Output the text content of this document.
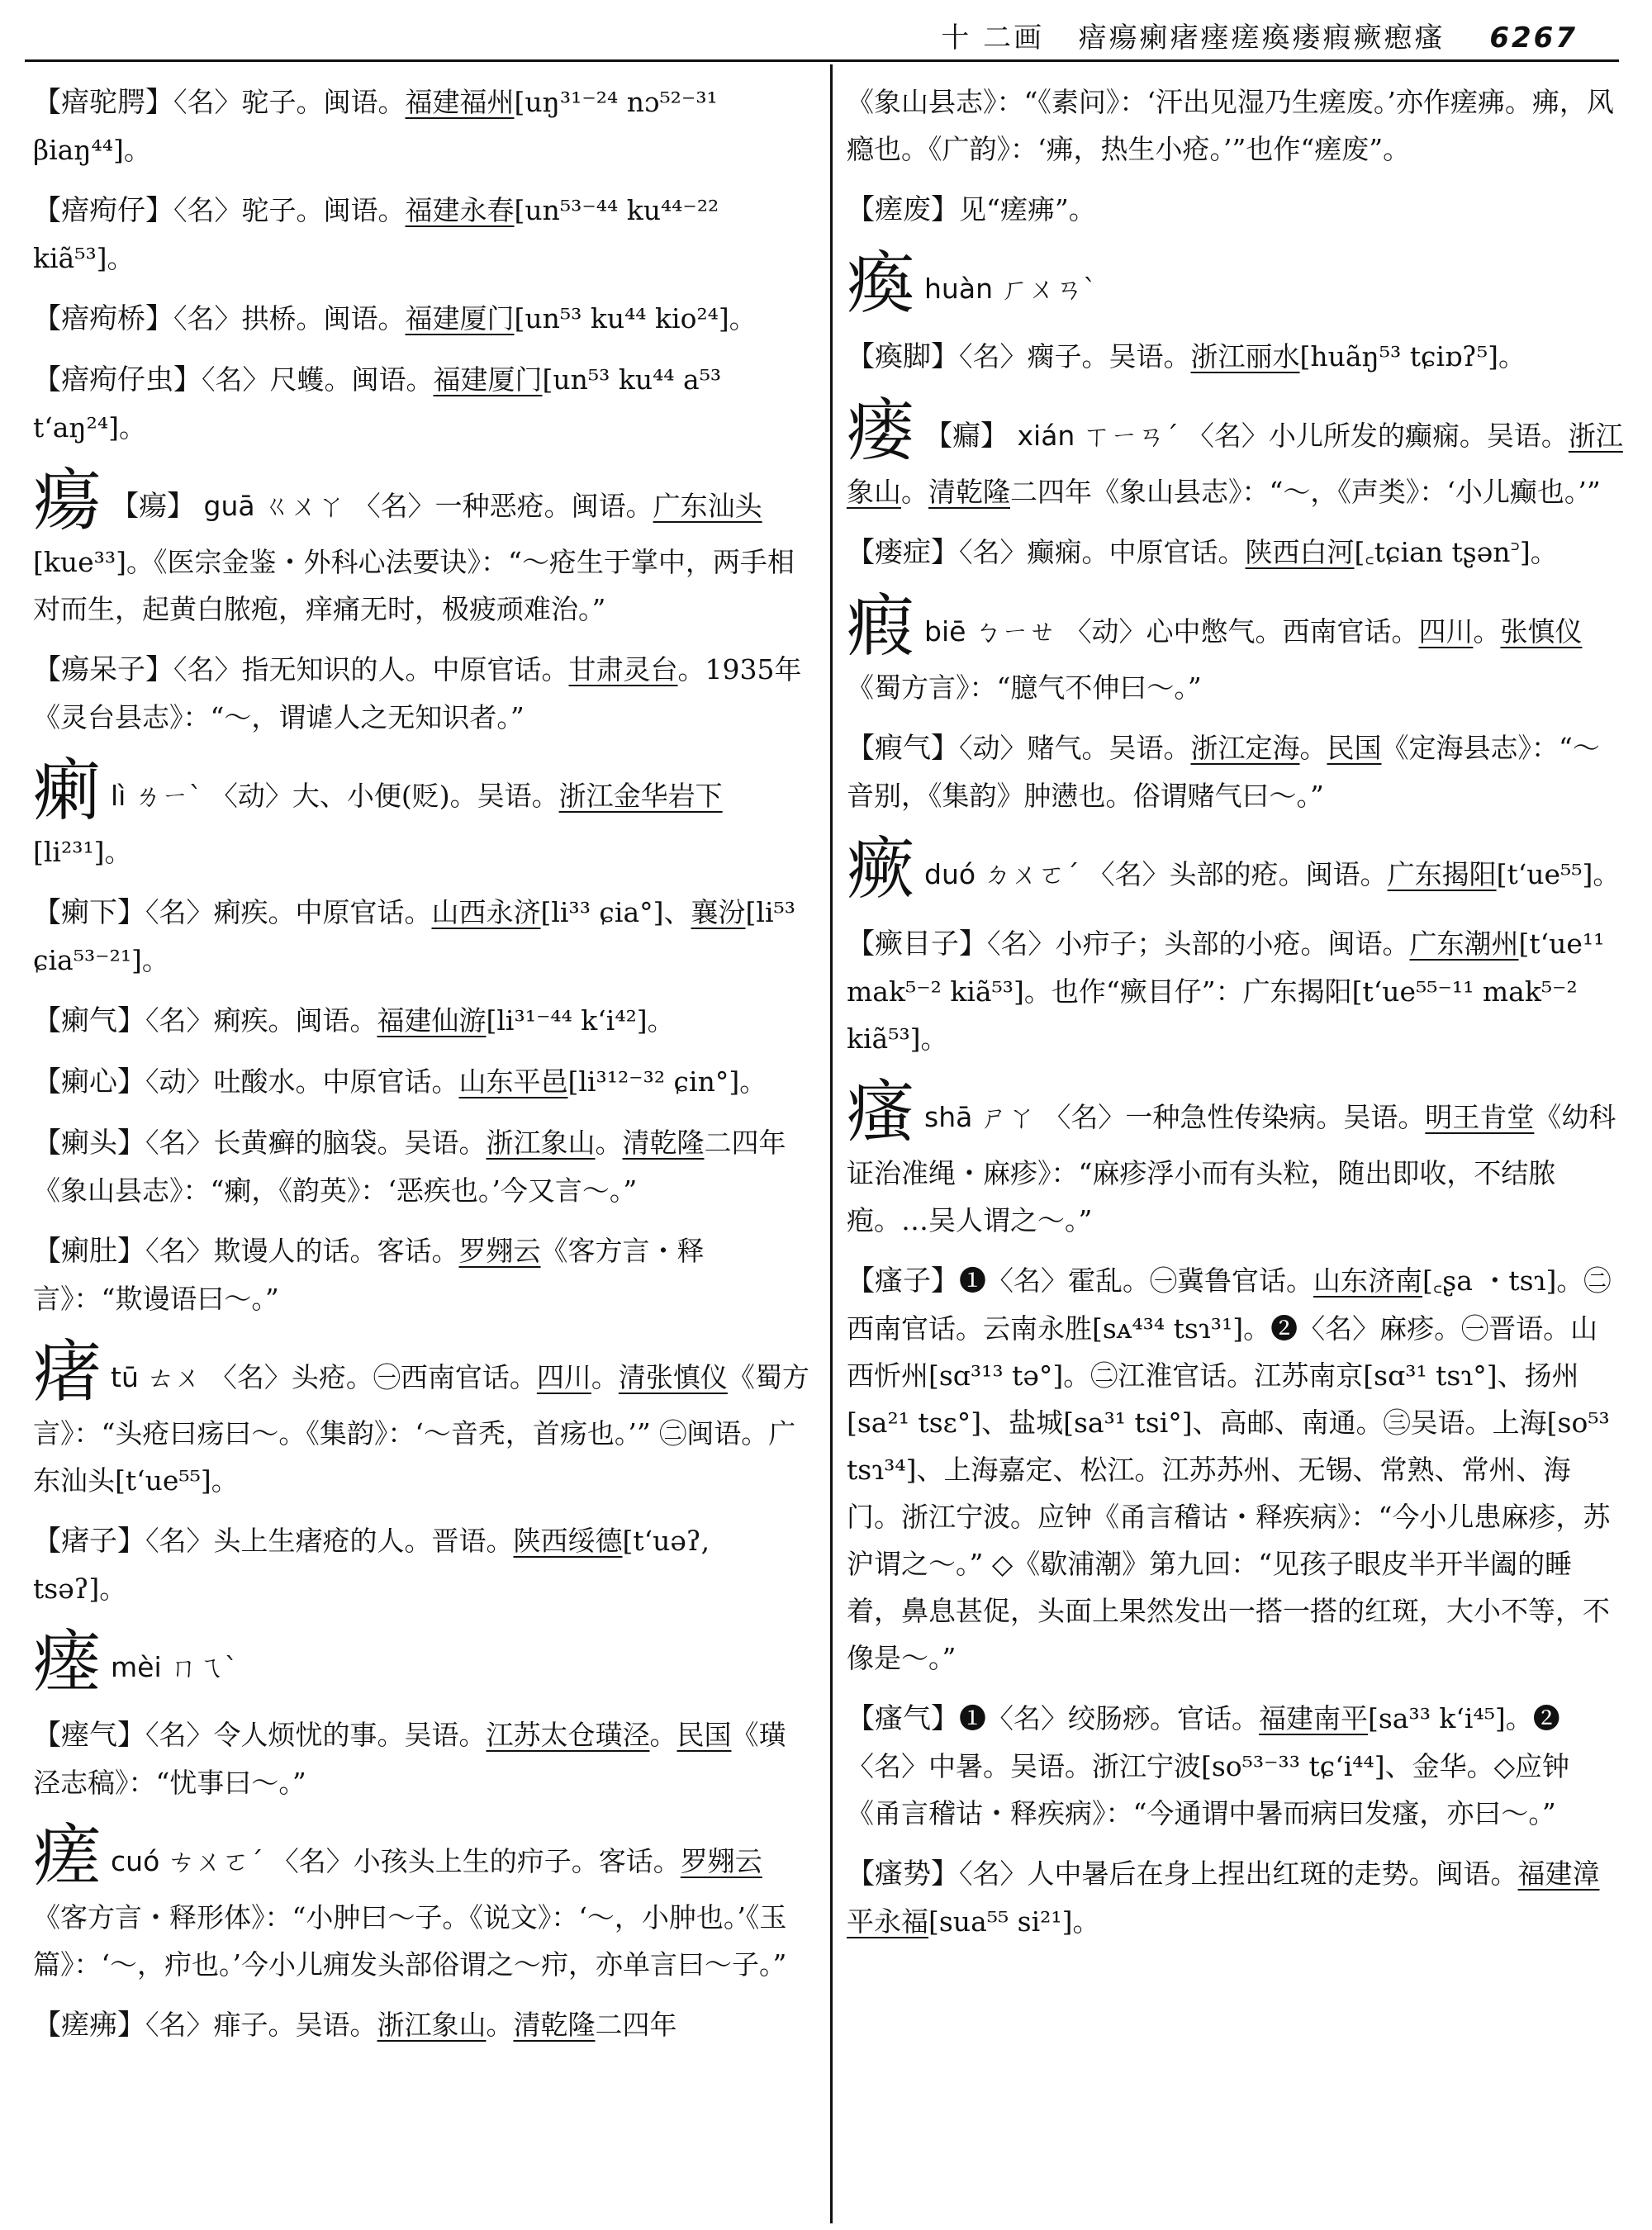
十 二画 瘖瘍瘌瘏瘗瘥瘓瘘瘕瘚瘛瘙 6267
【瘖驼腭】〈名〉驼子。闽语。福建福州[uŋ³¹⁻²⁴ nɔ⁵²⁻³¹ βiaŋ⁴⁴]。
【瘖痀仔】〈名〉驼子。闽语。福建永春[un⁵³⁻⁴⁴ ku⁴⁴⁻²² kiã⁵³]。
【瘖痀桥】〈名〉拱桥。闽语。福建厦门[un⁵³ ku⁴⁴ kio²⁴]。
【瘖痀仔虫】〈名〉尺蠖。闽语。福建厦门[un⁵³ ku⁴⁴ a⁵³ tʻaŋ²⁴]。
瘍 【瘍】 guā ㄍㄨㄚ 〈名〉一种恶疮。闽语。广东汕头[kue³³]。《医宗金鉴・外科心法要诀》：“～疮生于掌中，两手相对而生，起黄白脓疱，痒痛无时，极疲顽难治。”
【瘍呆子】〈名〉指无知识的人。中原官话。甘肃灵台。1935年《灵台县志》：“～，谓谑人之无知识者。”
瘌lì ㄌㄧˋ 〈动〉大、小便(贬)。吴语。浙江金华岩下[li²³¹]。
【瘌下】〈名〉痢疾。中原官话。山西永济[li³³ ɕia°]、襄汾[li⁵³ ɕia⁵³⁻²¹]。
【瘌气】〈名〉痢疾。闽语。福建仙游[li³¹⁻⁴⁴ kʻi⁴²]。
【瘌心】〈动〉吐酸水。中原官话。山东平邑[li³¹²⁻³² ɕin°]。
【瘌头】〈名〉长黄癣的脑袋。吴语。浙江象山。清乾隆二四年《象山县志》：“瘌，《韵英》：‘恶疾也。’今又言～。”
【瘌肚】〈名〉欺谩人的话。客话。罗翙云《客方言・释言》：“欺谩语曰～。”
瘏tū ㄊㄨ 〈名〉头疮。㊀西南官话。四川。清张慎仪《蜀方言》：“头疮曰疡曰～。《集韵》：‘～音秃，首疡也。’” ㊁闽语。广东汕头[tʻue⁵⁵]。
【瘏子】〈名〉头上生瘏疮的人。晋语。陕西绥德[tʻuəʔ, tsəʔ]。
瘗mèi ㄇㄟˋ
【瘗气】〈名〉令人烦忧的事。吴语。江苏太仓璜泾。民国《璜泾志稿》：“忧事曰～。”
瘥cuó ㄘㄨㄛˊ 〈名〉小孩头上生的疖子。客话。罗翙云《客方言・释形体》：“小肿曰～子。《说文》：‘～，小肿也。’《玉篇》：‘～，疖也。’今小儿痈发头部俗谓之～疖，亦单言曰～子。”
【瘥疿】〈名〉痱子。吴语。浙江象山。清乾隆二四年
《象山县志》：“《素问》：‘汗出见湿乃生瘥废。’亦作瘥疿。疿，风瘾也。《广韵》：‘疿，热生小疮。’”也作“瘥废”。
【瘥废】见“瘥疿”。
瘓huàn ㄏㄨㄢˋ
【瘓脚】〈名〉瘸子。吴语。浙江丽水[huãŋ⁵³ tɕiɒʔ⁵]。
瘘 【瘺】 xián ㄒㄧㄢˊ 〈名〉小儿所发的癫痫。吴语。浙江象山。清乾隆二四年《象山县志》：“～，《声类》：‘小儿癫也。’”
【瘘症】〈名〉癫痫。中原官话。陕西白河[꜀tɕian tʂən꜄]。
瘕biē ㄅㄧㄝ 〈动〉心中憋气。西南官话。四川。张慎仪《蜀方言》：“臆气不伸曰～。”
【瘕气】〈动〉赌气。吴语。浙江定海。民国《定海县志》：“～音别，《集韵》肿懑也。俗谓赌气曰～。”
瘚duó ㄉㄨㄛˊ 〈名〉头部的疮。闽语。广东揭阳[tʻue⁵⁵]。
【瘚目子】〈名〉小疖子；头部的小疮。闽语。广东潮州[tʻue¹¹ mak⁵⁻² kiã⁵³]。也作“瘚目仔”：广东揭阳[tʻue⁵⁵⁻¹¹ mak⁵⁻² kiã⁵³]。
瘙shā ㄕㄚ 〈名〉一种急性传染病。吴语。明王肯堂《幼科证治准绳・麻疹》：“麻疹浮小而有头粒，随出即收，不结脓疱。…吴人谓之～。”
【瘙子】❶〈名〉霍乱。㊀冀鲁官话。山东济南[꜀ʂa ・tsɿ]。㊁西南官话。云南永胜[sᴀ⁴³⁴ tsɿ³¹]。❷〈名〉麻疹。㊀晋语。山西忻州[sɑ³¹³ tə°]。㊁江淮官话。江苏南京[sɑ³¹ tsɿ°]、扬州[sa²¹ tsɛ°]、盐城[sa³¹ tsi°]、高邮、南通。㊂吴语。上海[so⁵³ tsɿ³⁴]、上海嘉定、松江。江苏苏州、无锡、常熟、常州、海门。浙江宁波。应钟《甬言稽诂・释疾病》：“今小儿患麻疹，苏沪谓之～。” ◇《歇浦潮》第九回：“见孩子眼皮半开半阖的睡着，鼻息甚促，头面上果然发出一搭一搭的红斑，大小不等，不像是～。”
【瘙气】❶〈名〉绞肠痧。官话。福建南平[sa³³ kʻi⁴⁵]。❷〈名〉中暑。吴语。浙江宁波[so⁵³⁻³³ tɕʻi⁴⁴]、金华。◇应钟《甬言稽诂・释疾病》：“今通谓中暑而病曰发瘙，亦曰～。”
【瘙势】〈名〉人中暑后在身上捏出红斑的走势。闽语。福建漳平永福[sua⁵⁵ si²¹]。
